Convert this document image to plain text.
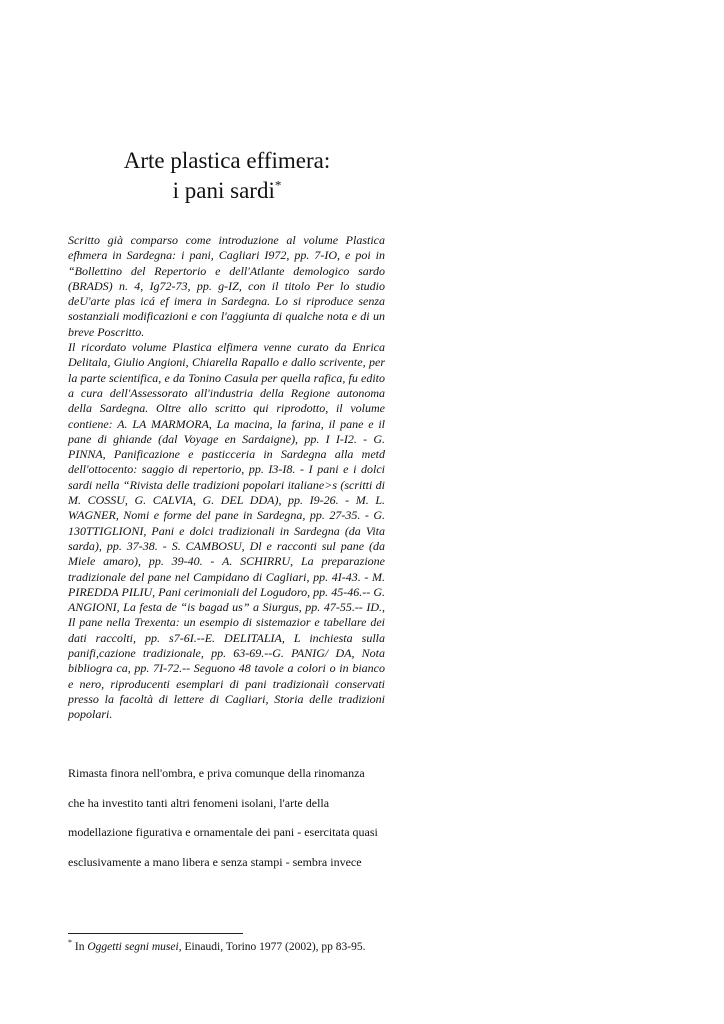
Arte plastica effimera:
i pani sardi*

Scritto già comparso come introduzione al volume Plastica efhmera in Sardegna: i pani, Cagliari I972, pp. 7-IO, e poi in “Bollettino del Repertorio e dell'Atlante demologico sardo (BRADS) n. 4, Ig72-73, pp. g-IZ, con il titolo Per lo studio deU'arte plas icá ef imera in Sardegna. Lo si riproduce senza sostanziali modificazioni e con l'aggiunta di qualche nota e di un breve Poscritto.

Il ricordato volume Plastica elfimera venne curato da Enrica Delitala, Giulio Angioni, Chiarella Rapallo e dallo scrivente, per la parte scientifica, e da Tonino Casula per quella rafica, fu edito a cura dell'Assessorato all'industria della Regione autonoma della Sardegna. Oltre allo scritto qui riprodotto, il volume contiene: A. LA MARMORA, La macina, la farina, il pane e il pane di ghiande (dal Voyage en Sardaigne), pp. I I-I2. - G. PINNA, Panificazione e pasticceria in Sardegna alla metd dell'ottocento: saggio di repertorio, pp. I3-I8. - I pani e i dolci sardi nella “Rivista delle tradizioni popolari italiane>s (scritti di M. COSSU, G. CALVIA, G. DEL DDA), pp. I9-26. - M. L. WAGNER, Nomi e forme del pane in Sardegna, pp. 27-35. - G. 130TTIGLIONI, Pani e dolci tradizionali in Sardegna (da Vita sarda), pp. 37-38. - S. CAMBOSU, Dl e racconti sul pane (da Miele amaro), pp. 39-40. - A. SCHIRRU, La preparazione tradizionale del pane nel Campidano di Cagliari, pp. 4I-43. - M. PIREDDA PILIU, Pani cerimoniali del Logudoro, pp. 45-46.-- G. ANGIONI, La festa de “is bagad us” a Siurgus, pp. 47-55.-- ID., Il pane nella Trexenta: un esempio di sistemazior e tabellare dei dati raccolti, pp. s7-6I.--E. DELITALIA, L inchiesta sulla panifi,cazione tradizionale, pp. 63-69.--G. PANIG/ DA, Nota bibliogra ca, pp. 7I-72.-- Seguono 48 tavole a colori o in bianco e nero, riproducenti esemplari di pani tradizionaìi conservati presso la facoltà di lettere di Cagliari, Storia delle tradizioni popolari.

Rimasta finora nell'ombra, e priva comunque della rinomanza
che ha investito tanti altri fenomeni isolani, l'arte della
modellazione figurativa e ornamentale dei pani - esercitata quasi
esclusivamente a mano libera e senza stampi - sembra invece
* In Oggetti segni musei, Einaudi, Torino 1977 (2002), pp 83-95.
